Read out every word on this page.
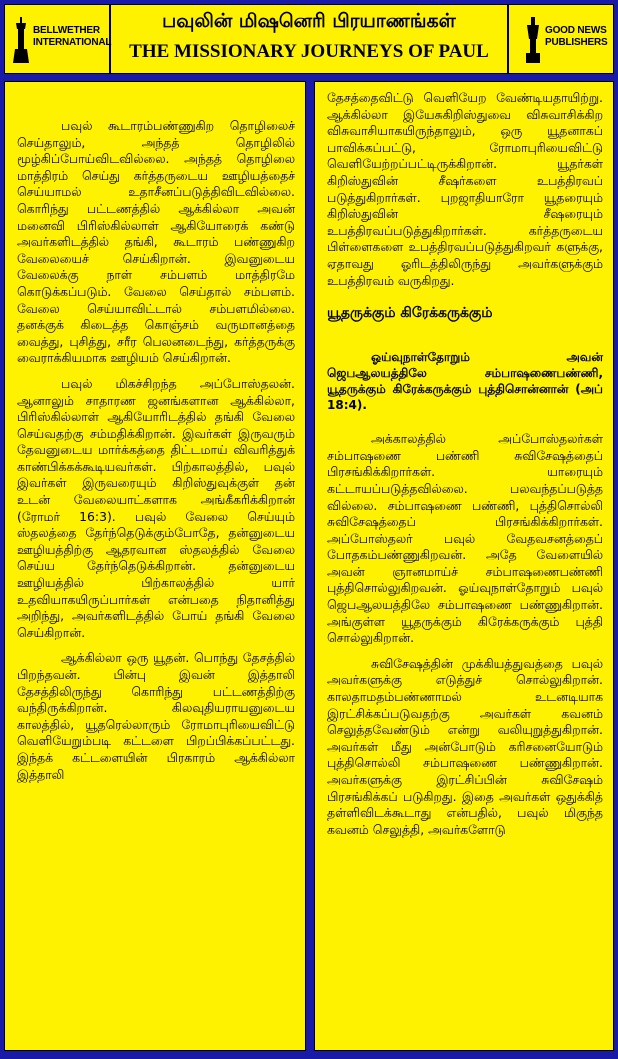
BELLWETHER
INTERNATIONAL
பவுலின் மிஷனெரி பிரயாணங்கள்
THE MISSIONARY JOURNEYS OF PAUL
GOOD NEWS
PUBLISHERS

பவுல் கூடாரம்பண்ணுகிற தொழிலைச் செய்தாலும், அந்தத் தொழிலில் மூழ்கிப்போய்விடவில்லை. அந்தத் தொழிலை மாத்திரம் செய்து கர்த்தருடைய ஊழியத்தைச் செய்யாமல் உதாசீனப்படுத்திவிடவில்லை. கொரிந்து பட்டணத்தில் ஆக்கில்லா அவன் மனைவி பிரிஸ்கில்லாள் ஆகியோரைக் கண்டு அவர்களிடத்தில் தங்கி, கூடாரம் பண்ணுகிற வேலையைச் செய்கிறான். இவனுடைய வேலைக்கு நாள் சம்பளம் மாத்திரமே கொடுக்கப்படும். வேலை செய்தால் சம்பளம். வேலை செய்யாவிட்டால் சம்பளமில்லை. தனக்குக் கிடைத்த கொஞ்சம் வருமானத்தை வைத்து, புசித்து, சரீர பெலனடைந்து, கர்த்தருக்கு வைராக்கியமாக ஊழியம் செய்கிறான்.

பவுல் மிகச்சிறந்த அப்போஸ்தலன். ஆனாலும் சாதாரண ஜனங்களான ஆக்கில்லா, பிரிஸ்கில்லாள் ஆகியோரிடத்தில் தங்கி வேலை செய்வதற்கு சம்மதிக்கிறான். இவர்கள் இருவரும் தேவனுடைய மார்க்கத்தை திட்டமாய் விவரித்துக் காண்பிக்கக்கூடியவர்கள். பிற்காலத்தில், பவுல் இவர்கள் இருவரையும் கிறிஸ்துவுக்குள் தன் உடன் வேலையாட்களாக அங்கீகரிக்கிறான் (ரோமர் 16:3). பவுல் வேலை செய்யும் ஸ்தலத்தை தேர்ந்தெடுக்கும்போதே, தன்னுடைய ஊழியத்திற்கு ஆதரவான ஸ்தலத்தில் வேலை செய்ய தேர்ந்தெடுக்கிறான். தன்னுடைய ஊழியத்தில் பிற்காலத்தில் யார் உதவியாகயிருப்பார்கள் என்பதை நிதானித்து அறிந்து, அவர்களிடத்தில் போய் தங்கி வேலை செய்கிறான்.

ஆக்கில்லா ஒரு யூதன். பொந்து தேசத்தில் பிறந்தவன். பின்பு இவன் இத்தாலி தேசத்திலிருந்து கொரிந்து பட்டணத்திற்கு வந்திருக்கிறான். கிலவுதியராயனுடைய காலத்தில், யூதரெல்லாரும் ரோமாபுரியைவிட்டு வெளியேறும்படி கட்டளை பிறப்பிக்கப்பட்டது. இந்தக் கட்டளையின் பிரகாரம் ஆக்கில்லா இத்தாலி

தேசத்தைவிட்டு வெளியேற வேண்டியதாயிற்று. ஆக்கில்லா இயேசுகிறிஸ்துவை விசுவாசிக்கிற விசுவாசியாகயிருந்தாலும், ஒரு யூதனாகப் பாவிக்கப்பட்டு, ரோமாபுரியைவிட்டு வெளியேற்றப்பட்டிருக்கிறான். யூதர்கள் கிறிஸ்துவின் சீஷர்களை உபத்திரவப் படுத்துகிறார்கள். புறஜாதியாரோ யூதரையும் கிறிஸ்துவின் சீஷரையும் உபத்திரவப்படுத்துகிறார்கள். கர்த்தருடைய பிள்ளைகளை உபத்திரவப்படுத்துகிறவர் களுக்கு, ஏதாவது ஓரிடத்திலிருந்து அவர்களுக்கும் உபத்திரவம் வருகிறது.

யூதருக்கும் கிரேக்கருக்கும்
ஓய்வுநாள்தோறும் அவன் ஜெபஆலயத்திலே சம்பாஷணைபண்ணி, யூதருக்கும் கிரேக்கருக்கும் புத்திசொன்னான் (அப் 18:4).

அக்காலத்தில் அப்போஸ்தலர்கள் சம்பாஷணை பண்ணி சுவிசேஷத்தைப் பிரசங்கிக்கிறார்கள். யாரையும் கட்டாயப்படுத்தவில்லை. பலவந்தப்படுத்த வில்லை. சம்பாஷணை பண்ணி, புத்திசொல்லி சுவிசேஷத்தைப் பிரசங்கிக்கிறார்கள். அப்போஸ்தலர் பவுல் வேதவசனத்தைப் போதகம்பண்ணுகிறவன். அதே வேளையில் அவன் ஞானமாய்ச் சம்பாஷணைபண்ணி புத்திசொல்லுகிறவன். ஓய்வுநாள்தோறும் பவுல் ஜெபஆலயத்திலே சம்பாஷணை பண்ணுகிறான். அங்குள்ள யூதருக்கும் கிரேக்கருக்கும் புத்தி சொல்லுகிறான்.

சுவிசேஷத்தின் முக்கியத்துவத்தை பவுல் அவர்களுக்கு எடுத்துச் சொல்லுகிறான். காலதாமதம்பண்ணாமல் உடனடியாக இரட்சிக்கப்படுவதற்கு அவர்கள் கவனம் செலுத்தவேண்டும் என்று வலியுறுத்துகிறான். அவர்கள் மீது அன்போடும் கரிசனையோடும் புத்திசொல்லி சம்பாஷணை பண்ணுகிறான். அவர்களுக்கு இரட்சிப்பின் சுவிசேஷம் பிரசங்கிக்கப் படுகிறது. இதை அவர்கள் ஒதுக்கித் தள்ளிவிடக்கூடாது என்பதில், பவுல் மிகுந்த கவனம் செலுத்தி, அவர்களோடு
